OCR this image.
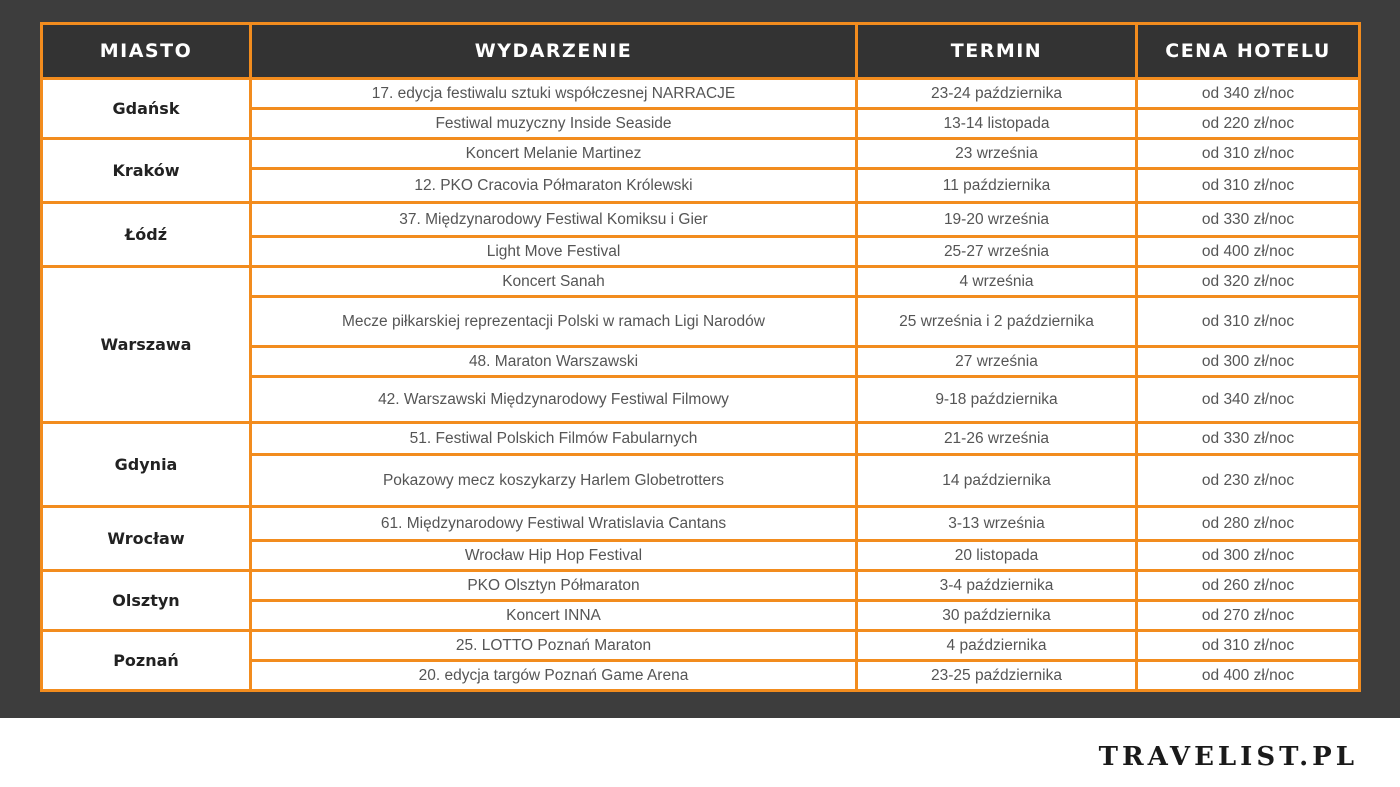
MIASTO	WYDARZENIE	TERMIN	CENA HOTELU
Gdańsk	17. edycja festiwalu sztuki współczesnej NARRACJE	23-24 października	od 340 zł/noc
	Festiwal muzyczny Inside Seaside	13-14 listopada	od 220 zł/noc
Kraków	Koncert Melanie Martinez	23 września	od 310 zł/noc
	12. PKO Cracovia Półmaraton Królewski	11 października	od 310 zł/noc
Łódź	37. Międzynarodowy Festiwal Komiksu i Gier	19-20 września	od 330 zł/noc
	Light Move Festival	25-27 września	od 400 zł/noc
Warszawa	Koncert Sanah	4 września	od 320 zł/noc
	Mecze piłkarskiej reprezentacji Polski w ramach Ligi Narodów	25 września i 2 października	od 310 zł/noc
	48. Maraton Warszawski	27 września	od 300 zł/noc
	42. Warszawski Międzynarodowy Festiwal Filmowy	9-18 października	od 340 zł/noc
Gdynia	51. Festiwal Polskich Filmów Fabularnych	21-26 września	od 330 zł/noc
	Pokazowy mecz koszykarzy Harlem Globetrotters	14 października	od 230 zł/noc
Wrocław	61. Międzynarodowy Festiwal Wratislavia Cantans	3-13 września	od 280 zł/noc
	Wrocław Hip Hop Festival	20 listopada	od 300 zł/noc
Olsztyn	PKO Olsztyn Półmaraton	3-4 października	od 260 zł/noc
	Koncert INNA	30 października	od 270 zł/noc
Poznań	25. LOTTO Poznań Maraton	4 października	od 310 zł/noc
	20. edycja targów Poznań Game Arena	23-25 października	od 400 zł/noc

TRAVELIST.PL
